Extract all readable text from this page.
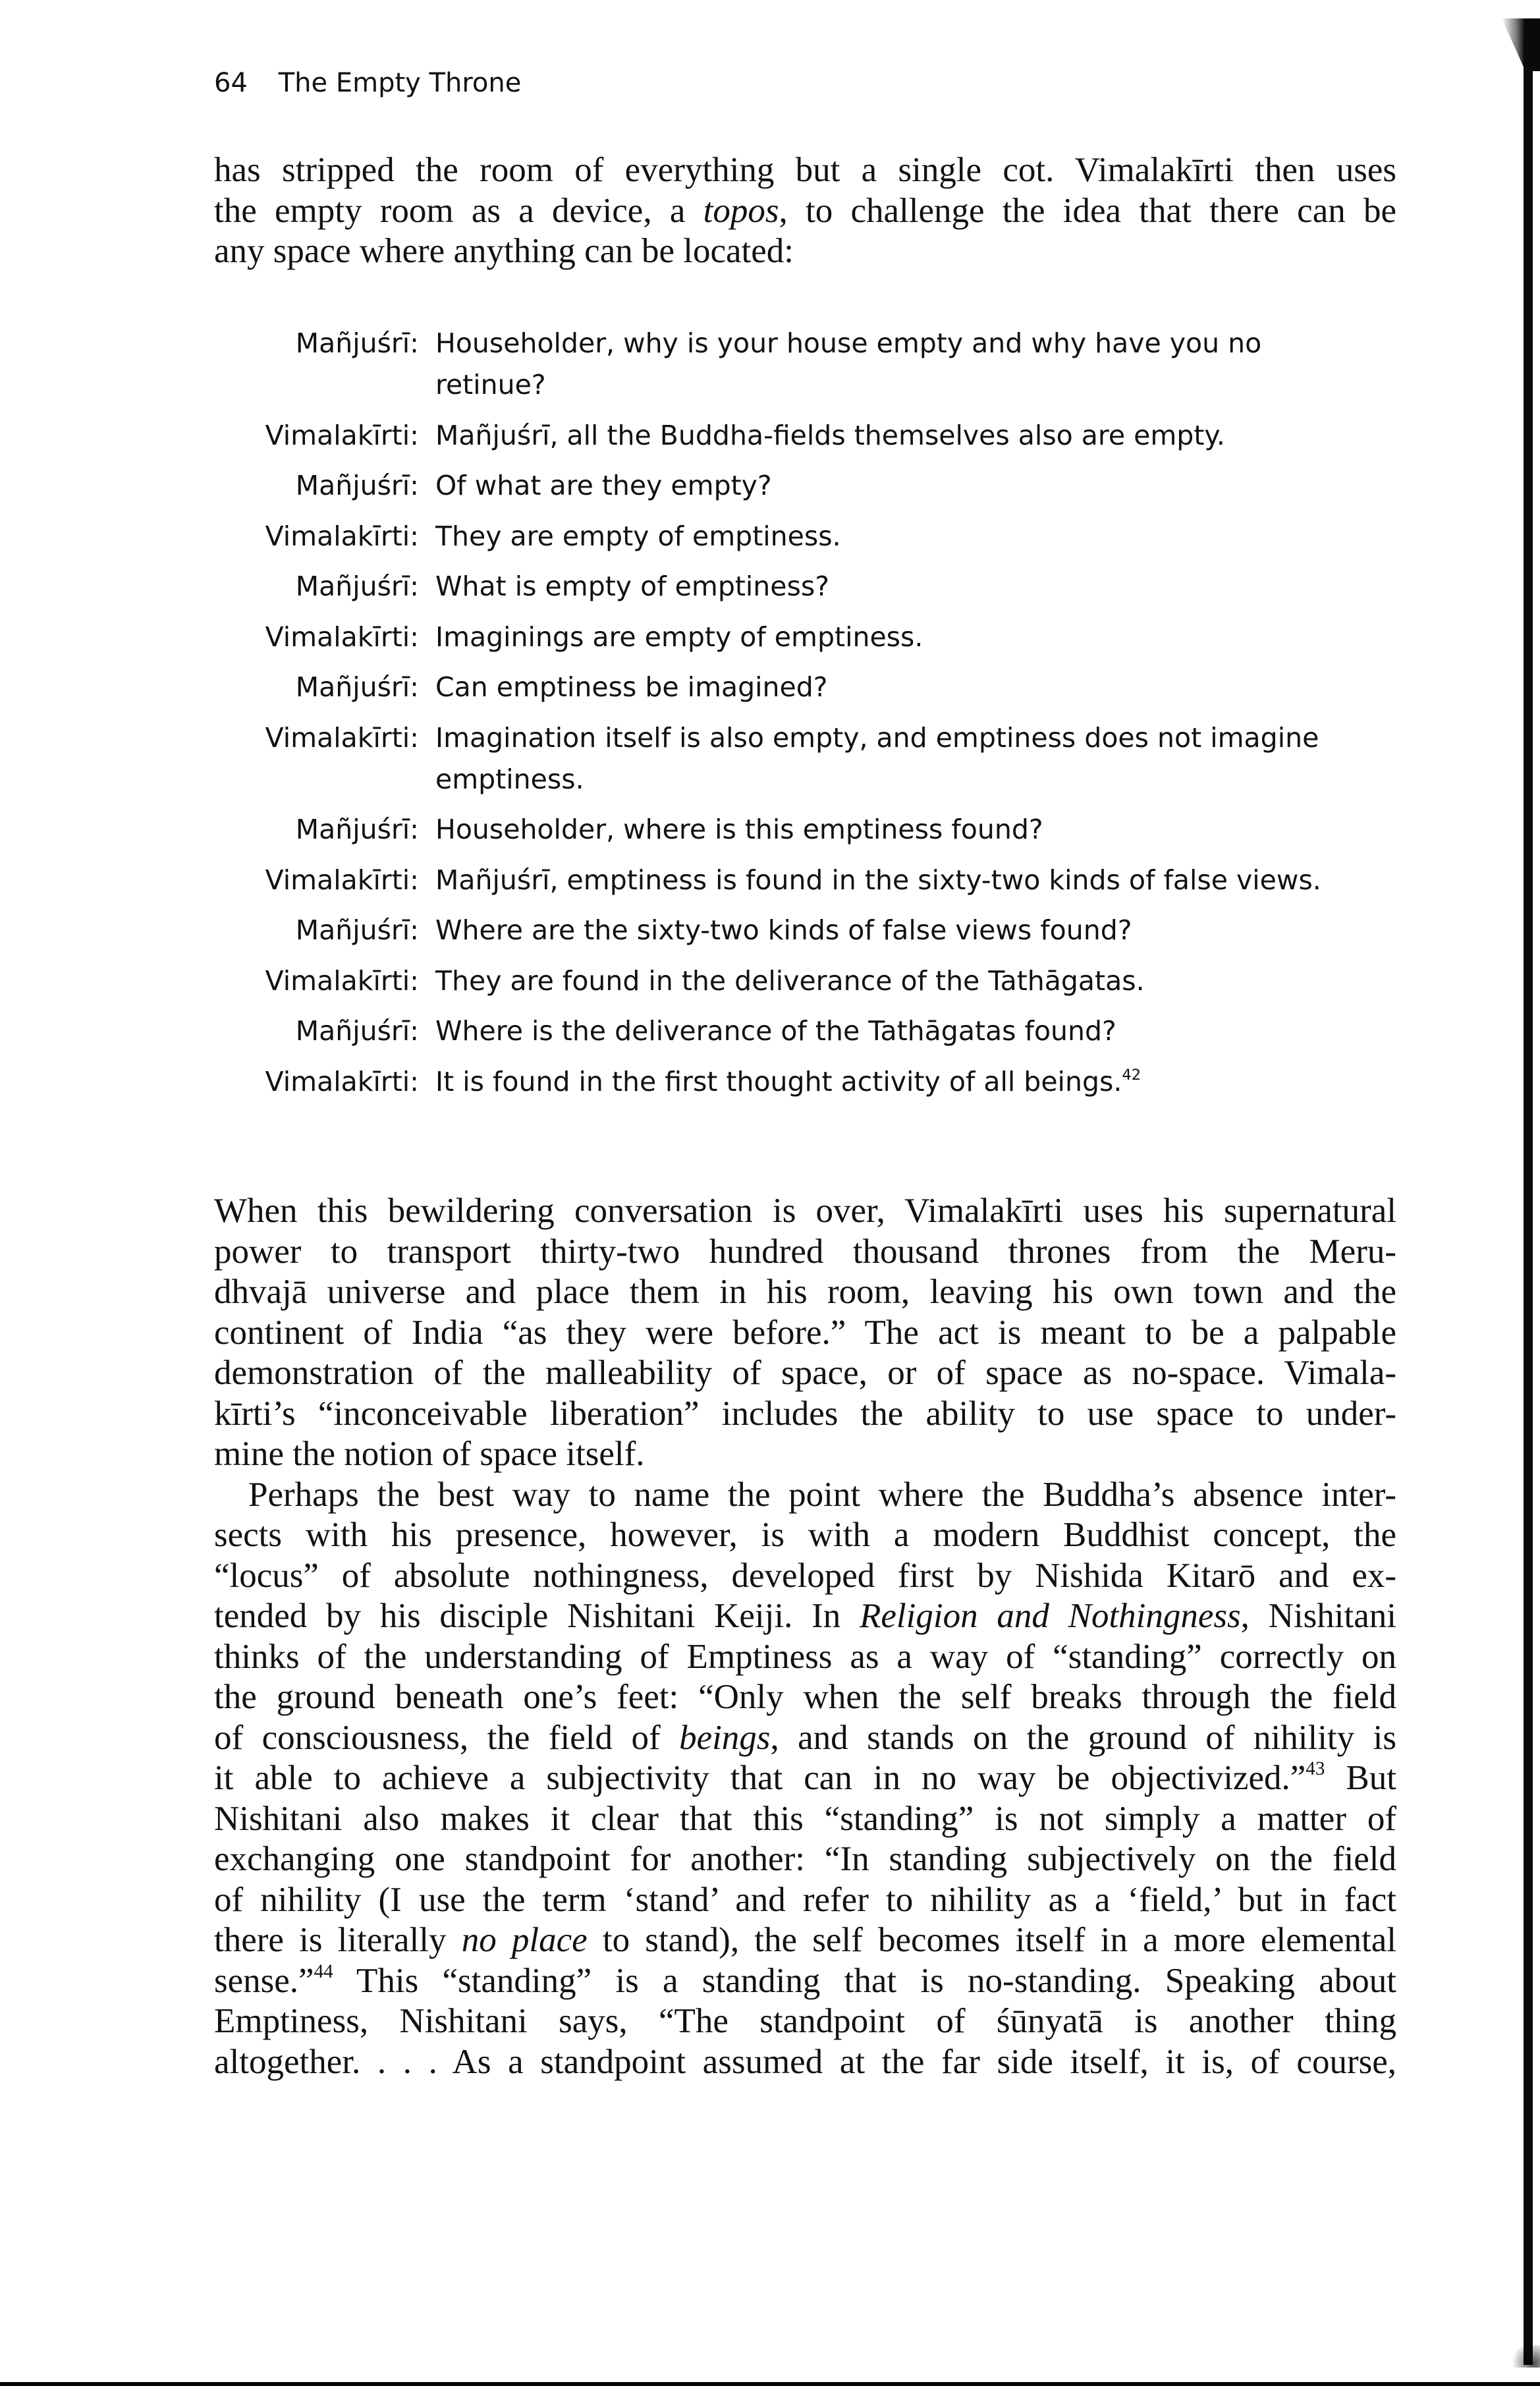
64 The Empty Throne
has stripped the room of everything but a single cot. Vimalakīrti then uses
the empty room as a device, a topos, to challenge the idea that there can be
any space where anything can be located:
Mañjuśrī: Householder, why is your house empty and why have you no retinue?
Vimalakīrti: Mañjuśrī, all the Buddha-fields themselves also are empty.
Mañjuśrī: Of what are they empty?
Vimalakīrti: They are empty of emptiness.
Mañjuśrī: What is empty of emptiness?
Vimalakīrti: Imaginings are empty of emptiness.
Mañjuśrī: Can emptiness be imagined?
Vimalakīrti: Imagination itself is also empty, and emptiness does not imagine emptiness.
Mañjuśrī: Householder, where is this emptiness found?
Vimalakīrti: Mañjuśrī, emptiness is found in the sixty-two kinds of false views.
Mañjuśrī: Where are the sixty-two kinds of false views found?
Vimalakīrti: They are found in the deliverance of the Tathāgatas.
Mañjuśrī: Where is the deliverance of the Tathāgatas found?
Vimalakīrti: It is found in the first thought activity of all beings.$^{42}$

When this bewildering conversation is over, Vimalakīrti uses his supernatural
power to transport thirty-two hundred thousand thrones from the Meru-
dhvajā universe and place them in his room, leaving his own town and the
continent of India “as they were before.” The act is meant to be a palpable
demonstration of the malleability of space, or of space as no-space. Vimala-
kīrti’s “inconceivable liberation” includes the ability to use space to under-
mine the notion of space itself.

Perhaps the best way to name the point where the Buddha’s absence inter-
sects with his presence, however, is with a modern Buddhist concept, the
“locus” of absolute nothingness, developed first by Nishida Kitarō and ex-
tended by his disciple Nishitani Keiji. In Religion and Nothingness, Nishitani
thinks of the understanding of Emptiness as a way of “standing” correctly on
the ground beneath one’s feet: “Only when the self breaks through the field
of consciousness, the field of beings, and stands on the ground of nihility is
it able to achieve a subjectivity that can in no way be objectivized.”$^{43}$ But
Nishitani also makes it clear that this “standing” is not simply a matter of
exchanging one standpoint for another: “In standing subjectively on the field
of nihility (I use the term ‘stand’ and refer to nihility as a ‘field,’ but in fact
there is literally no place to stand), the self becomes itself in a more elemental
sense.”$^{44}$ This “standing” is a standing that is no-standing. Speaking about
Emptiness, Nishitani says, “The standpoint of śūnyatā is another thing
altogether. . . . As a standpoint assumed at the far side itself, it is, of course,
